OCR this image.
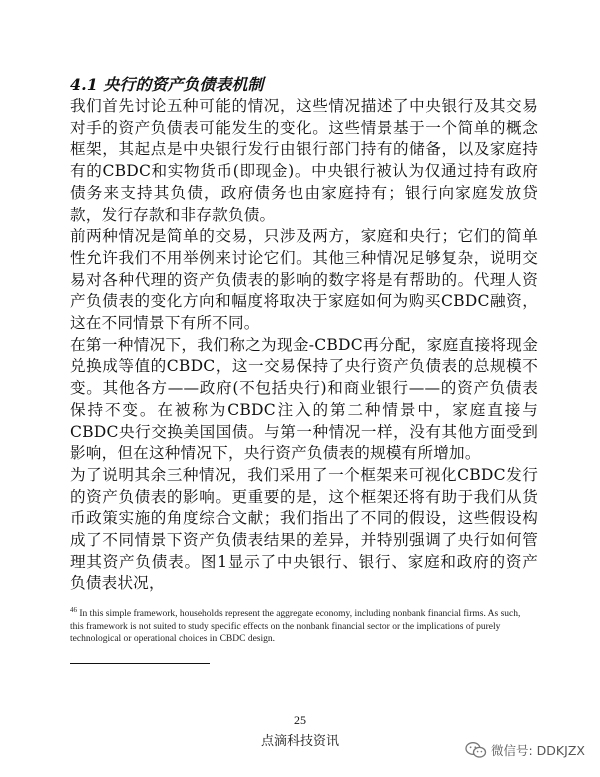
4.1 央行的资产负债表机制

我们首先讨论五种可能的情况，这些情况描述了中央银行及其交易对手的资产负债表可能发生的变化。这些情景基于一个简单的概念框架，其起点是中央银行发行由银行部门持有的储备，以及家庭持有的CBDC和实物货币(即现金)。中央银行被认为仅通过持有政府债务来支持其负债，政府债务也由家庭持有；银行向家庭发放贷款，发行存款和非存款负债。

前两种情况是简单的交易，只涉及两方，家庭和央行；它们的简单性允许我们不用举例来讨论它们。其他三种情况足够复杂，说明交易对各种代理的资产负债表的影响的数字将是有帮助的。代理人资产负债表的变化方向和幅度将取决于家庭如何为购买CBDC融资，这在不同情景下有所不同。

在第一种情况下，我们称之为现金-CBDC再分配，家庭直接将现金兑换成等值的CBDC，这一交易保持了央行资产负债表的总规模不变。其他各方——政府(不包括央行)和商业银行——的资产负债表保持不变。在被称为CBDC注入的第二种情景中，家庭直接与CBDC央行交换美国国债。与第一种情况一样，没有其他方面受到影响，但在这种情况下，央行资产负债表的规模有所增加。

为了说明其余三种情况，我们采用了一个框架来可视化CBDC发行的资产负债表的影响。更重要的是，这个框架还将有助于我们从货币政策实施的角度综合文献；我们指出了不同的假设，这些假设构成了不同情景下资产负债表结果的差异，并特别强调了央行如何管理其资产负债表。图1显示了中央银行、银行、家庭和政府的资产负债表状况，

$^{46}$ In this simple framework, households represent the aggregate economy, including nonbank financial firms. As such, this framework is not suited to study specific effects on the nonbank financial sector or the implications of purely technological or operational choices in CBDC design.
25
点滴科技资讯
微信号: DDKJZX
